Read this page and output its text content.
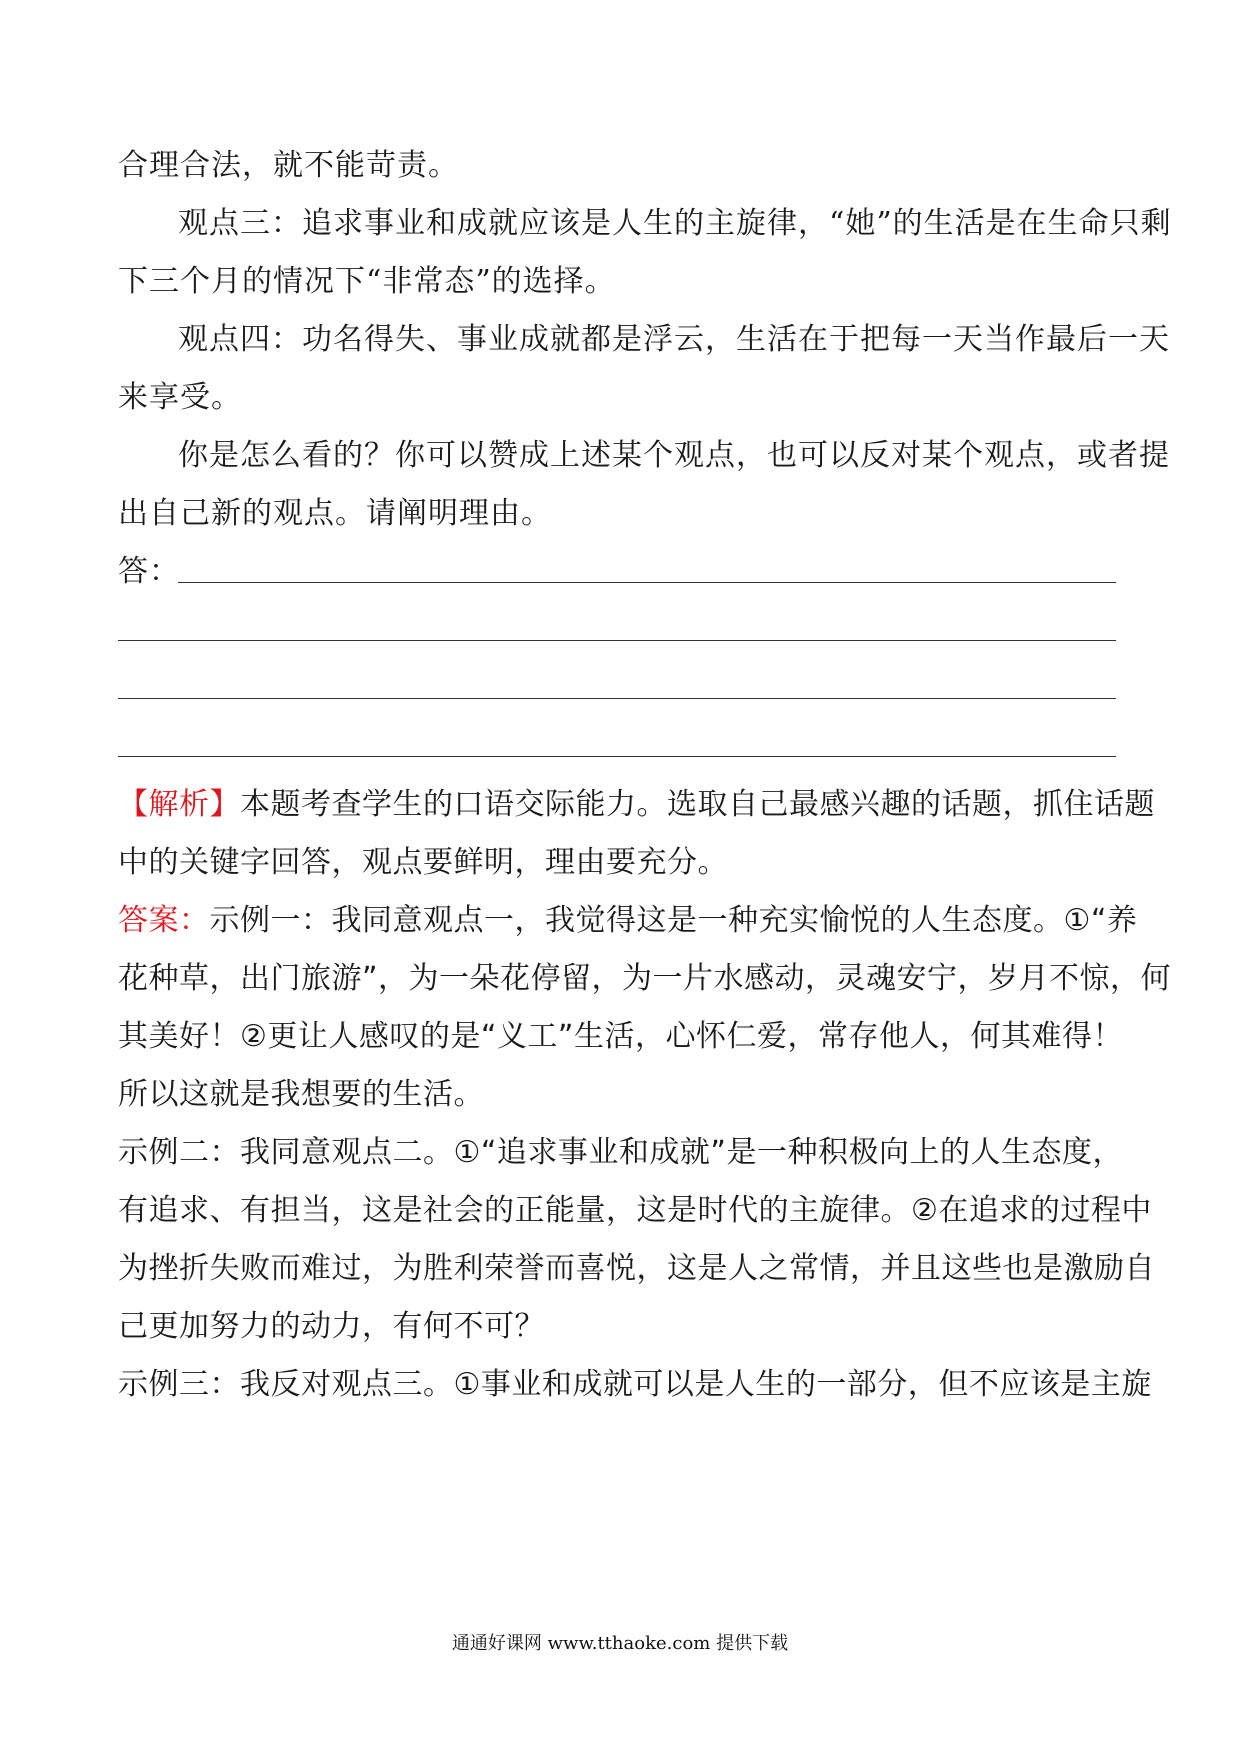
合理合法，就不能苛责。
观点三：追求事业和成就应该是人生的主旋律，“她”的生活是在生命只剩
下三个月的情况下“非常态”的选择。
观点四：功名得失、事业成就都是浮云，生活在于把每一天当作最后一天
来享受。
你是怎么看的？你可以赞成上述某个观点，也可以反对某个观点，或者提
出自己新的观点。请阐明理由。
答：
【解析】本题考查学生的口语交际能力。选取自己最感兴趣的话题，抓住话题
中的关键字回答，观点要鲜明，理由要充分。
答案：示例一：我同意观点一，我觉得这是一种充实愉悦的人生态度。①“养
花种草，出门旅游”，为一朵花停留，为一片水感动，灵魂安宁，岁月不惊，何
其美好！②更让人感叹的是“义工”生活，心怀仁爱，常存他人，何其难得！
所以这就是我想要的生活。
示例二：我同意观点二。①“追求事业和成就”是一种积极向上的人生态度，
有追求、有担当，这是社会的正能量，这是时代的主旋律。②在追求的过程中
为挫折失败而难过，为胜利荣誉而喜悦，这是人之常情，并且这些也是激励自
己更加努力的动力，有何不可？
示例三：我反对观点三。①事业和成就可以是人生的一部分，但不应该是主旋
通通好课网 www.tthaoke.com 提供下载
